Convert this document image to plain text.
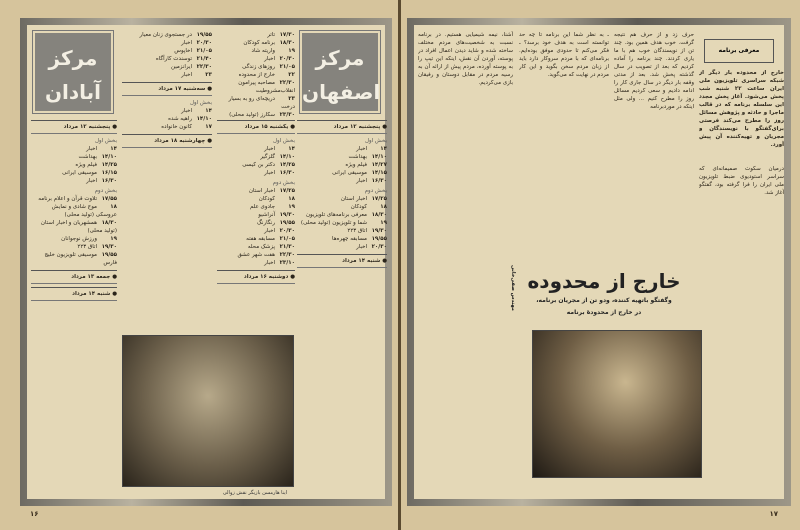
مرکز
اصفهان
مرکز
آبادان
۱۷/۳۰تاتر
۱۸/۳۰برنامه کودکان
۱۹واریته شاد
۲۰/۳۰اخبار
۲۱/۰۵روزهای زندگی
۲۲خارج از محدوده
۲۲/۳۰مصاحبه پیرامون انقلاب‌مشروطیت
۲۳دریچه‌ای رو به بسیار درخت
۲۳/۳۰سکارز (تولید محلی)
● پنجشنبه ۱۲ مرداد
بخش اول
۱۴اخبار
۱۴/۱۰بهداشت
۱۴/۲۷فیلم ویژه
۱۴/۱۵موسیقی ایرانی
۱۶/۳۰اخبار
بخش دوم
۱۷/۲۵اخبار استان
۱۸کودکان
۱۸/۳۰معرفی برنامه‌های تلویزیون
۱۹شما و تلویزیون (تولید محلی)
۱۹/۳۰اتاق ۲۲۳
۱۹/۵۵مسابقه چهره‌ها
۲۰/۳۰اخبار
● شنبه ۱۴ مرداد
● یکشنبه ۱۵ مرداد
بخش اول
۱۴اخبار
۱۴/۱۰گلزگیر
۱۴/۲۵دکتر بن کیسی
۱۶/۳۰اخبار
بخش دوم
۱۷/۲۵اخبار استان
۱۸کودکان
۱۹جادوی علم
۱۹/۳۰آنراشیو
۱۹/۵۵رنگارنگ
۲۰/۳۰اخبار
۲۱/۰۵مسابقه هفته
۲۱/۳۰پزشک محله
۲۲/۳۰هفت شهر عشق
۲۳/۱۰اخبار
● دوشنبه ۱۶ مرداد
۱۹/۵۵در جستجوی زنان معیار
۲۰/۳۰اخبار
۲۱/۰۵اخاپوس
۲۱/۴۰توسندت کارآگاه
۲۲/۳۰ایرانزمین
۲۳اخبار
● سه‌شنبه ۱۷ مرداد
بخش اول
۱۴اخبار
۱۴/۱۰راهیه شده
۱۷کانون خانواده
● چهارشنبه ۱۸ مرداد
● پنجشنبه ۱۲ مرداد
بخش اول
۱۴اخبار
۱۴/۱۰بهداشت
۱۴/۲۵فیلم ویژه
۱۶/۱۵موسیقی ایرانی
۱۶/۳۰اخبار
بخش دوم
۱۷/۵۵تلاوت قرآن و اعلام برنامه
۱۸موج شادی و نمایش عروسکی (تولید محلی)
۱۸/۳۰همشهریان و اخبار استان (تولید محلی)
۱۹ورزش نوجوانان
۱۹/۳۰اتاق ۲۲۳
۱۹/۵۵موسیقی تلویزیون خلیج فارس
● جمعه ۱۳ مرداد
● شنبه ۱۴ مرداد
اینا هارمسن بازیگر نقش زوالی
۱۶
معرفی برنامه
خارج از محدوده بار دیگر از شبکه سراسری تلویزیون ملی ایران ساعت ۲۲ شنبه شب پخش می‌شود. آغاز پخش مجدد این سلسله برنامه که در قالب ماجرا و حادثه و پژوهش مسائل روز را مطرح می‌کند فرصتی برای‌گفتگو با نویسندگان و مجریان و تهیه‌کننده آن پیش آورد.
حرف زد و از حرف هم نتیجه گرفت. خوب هدف همین بود. چند تن از نویسندگان خوب هم با ما یاری کردند. چند برنامه را آماده کردیم که بعد از تصویب در سال گذشته پخش شد. بعد از مدتی وقفه بار دیگر در سال جاری کار را ادامه دادیم و سعی کردیم مسائل روز را مطرح کنیم ... ولی مثل اینکه در موردبرنامه
درمیان سکوت‌ صمیمانه‌ای که سراسر استودیوی ضبط تلویزیون ملی ایران را فرا گرفته بود، گفتگو آغاز شد.
ـ به نظر شما این برنامه تا چه حد توانسته است به هدف خود برسد؟ ـ فکر می‌کنم تا حدودی موفق بوده‌ایم. برنامه‌ای که با مردم سروکار دارد باید از زبان مردم سخن بگوید و این کار مردم در نهایت که می‌گوید.
آشنا، نیمه شیمیایی هستیم. در برنامه نسبت به شخصیت‌های مردم مختلف ساخته شده و شاید دیدن اعمال افراد در پوسته، آوردن آن نقش، اینکه این تیپ را به پوسته آورده، مردم پیش از ارائه آن به رسیه مردم در مقابل دوستان و رفیقان بازی می‌کردیم.
خارج از محدوده
وگفتگو باتهیه کننده، ودو تن از مجریان برنامه،
در خارج از محدودهٔ برنامه
مهندس صفی‌خانی
۱۷
